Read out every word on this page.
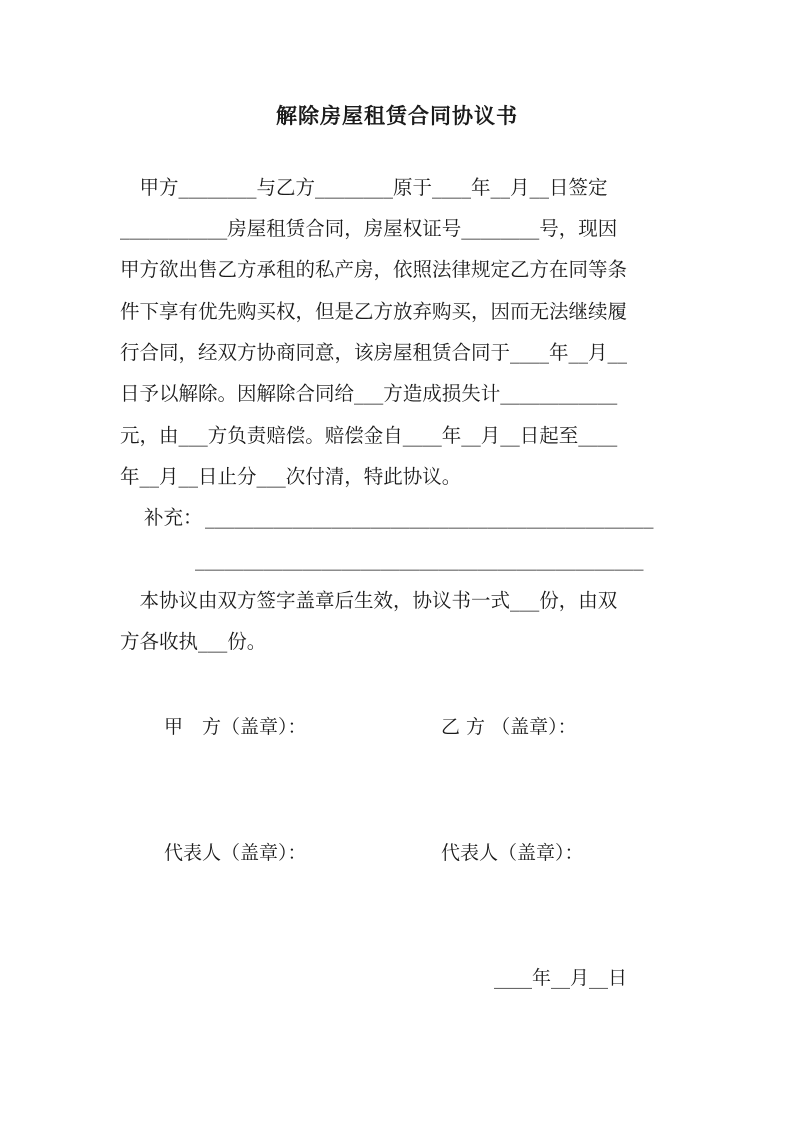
解除房屋租赁合同协议书
　甲方________与乙方________原于____年__月__日签定
___________房屋租赁合同，房屋权证号________号，现因
甲方欲出售乙方承租的私产房，依照法律规定乙方在同等条
件下享有优先购买权，但是乙方放弃购买，因而无法继续履
行合同，经双方协商同意，该房屋租赁合同于____年__月__
日予以解除。因解除合同给___方造成损失计____________
元，由___方负责赔偿。赔偿金自____年__月__日起至____
年__月__日止分___次付清，特此协议。
补充： ______________________________________________
______________________________________________
　本协议由双方签字盖章后生效，协议书一式___份，由双
方各收执___份。
甲　方（盖章）：	乙 方 （盖章）：
代表人（盖章）：	代表人（盖章）：
____年__月__日
